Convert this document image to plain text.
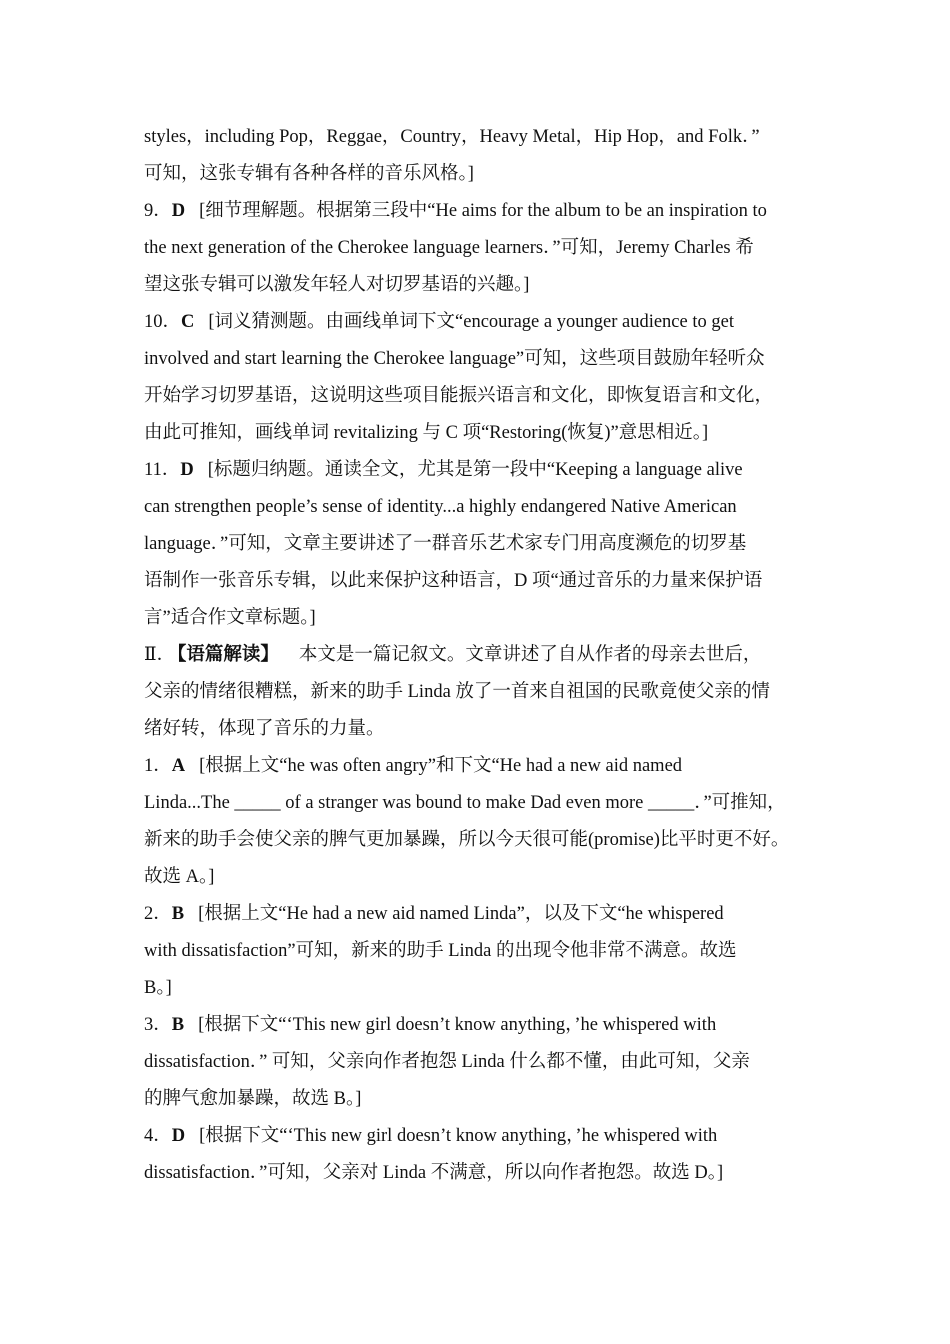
styles，including Pop，Reggae，Country，Heavy Metal，Hip Hop，and Folk．”
可知，这张专辑有各种各样的音乐风格。]
9．D [细节理解题。根据第三段中“He aims for the album to be an inspiration to
the next generation of the Cherokee language learners．”可知，Jeremy Charles 希
望这张专辑可以激发年轻人对切罗基语的兴趣。]
10．C [词义猜测题。由画线单词下文“encourage a younger audience to get
involved and start learning the Cherokee language”可知，这些项目鼓励年轻听众
开始学习切罗基语，这说明这些项目能振兴语言和文化，即恢复语言和文化，
由此可推知，画线单词 revitalizing 与 C 项“Restoring(恢复)”意思相近。]
11．D [标题归纳题。通读全文，尤其是第一段中“Keeping a language alive
can strengthen people’s sense of identity...a highly endangered Native American
language．”可知，文章主要讲述了一群音乐艺术家专门用高度濒危的切罗基
语制作一张音乐专辑，以此来保护这种语言，D 项“通过音乐的力量来保护语
言”适合作文章标题。]
Ⅱ． 【语篇解读】 本文是一篇记叙文。文章讲述了自从作者的母亲去世后，
父亲的情绪很糟糕，新来的助手 Linda 放了一首来自祖国的民歌竟使父亲的情
绪好转，体现了音乐的力量。
1．A [根据上文“he was often angry”和下文“He had a new aid named
Linda...The _____ of a stranger was bound to make Dad even more _____．”可推知，
新来的助手会使父亲的脾气更加暴躁，所以今天很可能(promise)比平时更不好。
故选 A。]
2．B [根据上文“He had a new aid named Linda”，以及下文“he whispered
with dissatisfaction”可知，新来的助手 Linda 的出现令他非常不满意。故选
B。]
3．B [根据下文“‘This new girl doesn’t know anything，’he whispered with
dissatisfaction．” 可知，父亲向作者抱怨 Linda 什么都不懂，由此可知，父亲
的脾气愈加暴躁，故选 B。]
4．D [根据下文“‘This new girl doesn’t know anything，’he whispered with
dissatisfaction．”可知，父亲对 Linda 不满意，所以向作者抱怨。故选 D。]
